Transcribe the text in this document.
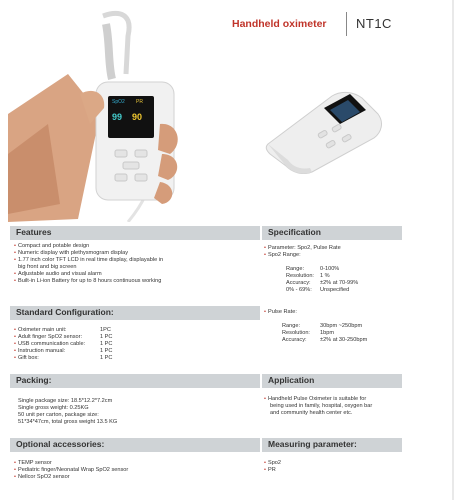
SpO2 PR
99 90
Handheld oximeter NT1C
Features	Specification
• Compact and potable design
• Numeric display with plethysmogram display
• 1.77 inch color TFT LCD in real time display, displayable in
big front and big screen
• Adjustable audio and visual alarm
• Built-in Li-ion Battery for up to 8 hours continuous working
• Parameter: Spo2, Pulse Rate
• Spo2 Range:
Range:	0-100%
Resolution: 1 %
Accuracy: ±2% at 70-99%
0% - 69%: Unspecified
• Pulse Rate:
Range:	30bpm ~250bpm
Resolution: 1bpm
Accuracy: ±2% at 30-250bpm
Standard Configuration:
• Oximeter main unit:	1PC
• Adult finger SpO2 sensor:	1 PC
• USB communication cable:	1 PC
• Instruction manual:	1 PC
• Gift box:	1 PC
Packing:	Application
Single package size: 18.5*12.2*7.2cm
Single gross weight: 0.25KG
50 unit per carton, package size:
51*34*47cm, total gross weight 13.5 KG
• Handheld Pulse Oximeter is suitable for
being used in family, hospital, oxygen bar
and community health center etc.
Optional accessories:	Measuring parameter:
• TEMP sensor
• Pediatric finger/Neonatal Wrap SpO2 sensor
• Nellcor SpO2 sensor
• Spo2
• PR
